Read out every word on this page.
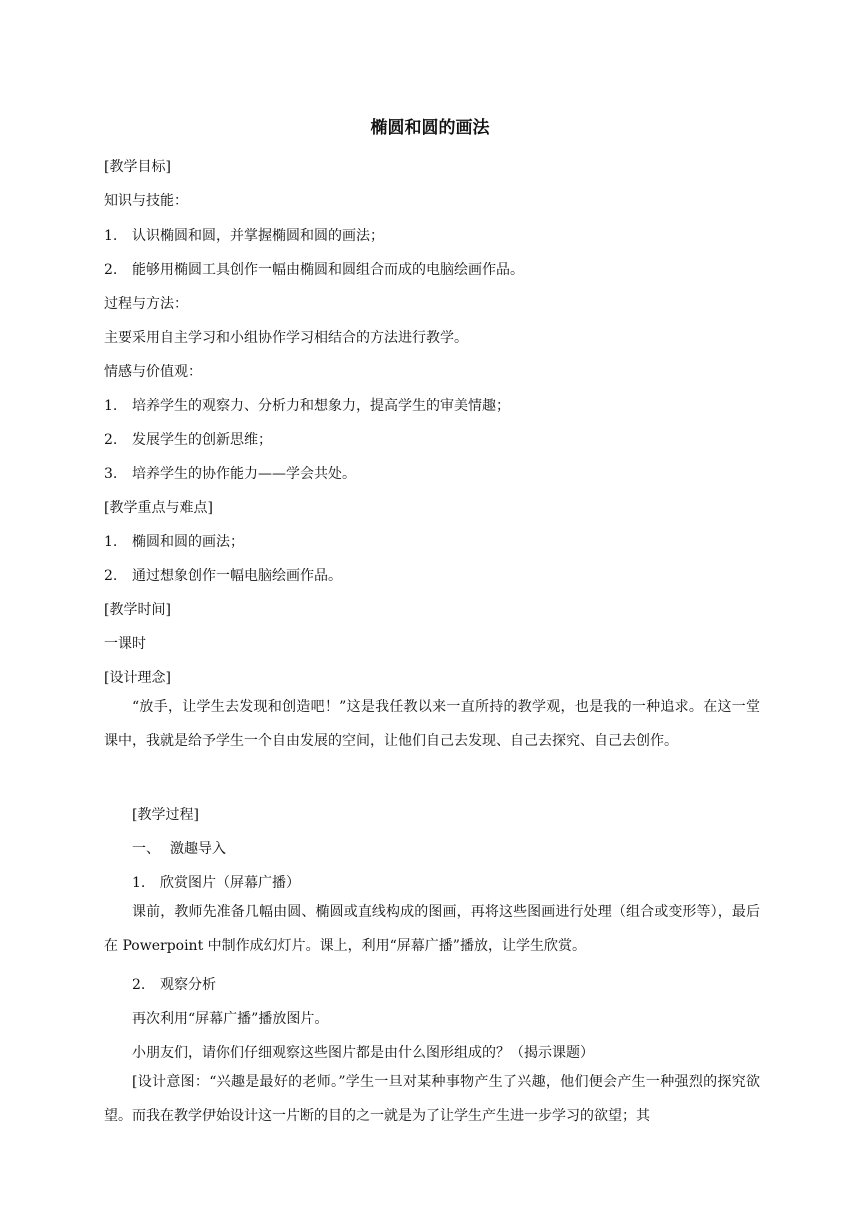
椭圆和圆的画法
[教学目标]
知识与技能：
1. 认识椭圆和圆，并掌握椭圆和圆的画法；
2. 能够用椭圆工具创作一幅由椭圆和圆组合而成的电脑绘画作品。
过程与方法：
主要采用自主学习和小组协作学习相结合的方法进行教学。
情感与价值观：
1. 培养学生的观察力、分析力和想象力，提高学生的审美情趣；
2. 发展学生的创新思维；
3. 培养学生的协作能力——学会共处。
[教学重点与难点]
1. 椭圆和圆的画法；
2. 通过想象创作一幅电脑绘画作品。
[教学时间]
一课时
[设计理念]
“放手，让学生去发现和创造吧！”这是我任教以来一直所持的教学观，也是我的一种追求。在这一堂课中，我就是给予学生一个自由发展的空间，让他们自己去发现、自己去探究、自己去创作。
[教学过程]
一、 激趣导入
1. 欣赏图片（屏幕广播）
课前，教师先准备几幅由圆、椭圆或直线构成的图画，再将这些图画进行处理（组合或变形等），最后在 Powerpoint 中制作成幻灯片。课上，利用“屏幕广播”播放，让学生欣赏。
2. 观察分析
再次利用“屏幕广播”播放图片。
小朋友们，请你们仔细观察这些图片都是由什么图形组成的？（揭示课题）
[设计意图：“兴趣是最好的老师。”学生一旦对某种事物产生了兴趣，他们便会产生一种强烈的探究欲望。而我在教学伊始设计这一片断的目的之一就是为了让学生产生进一步学习的欲望；其
